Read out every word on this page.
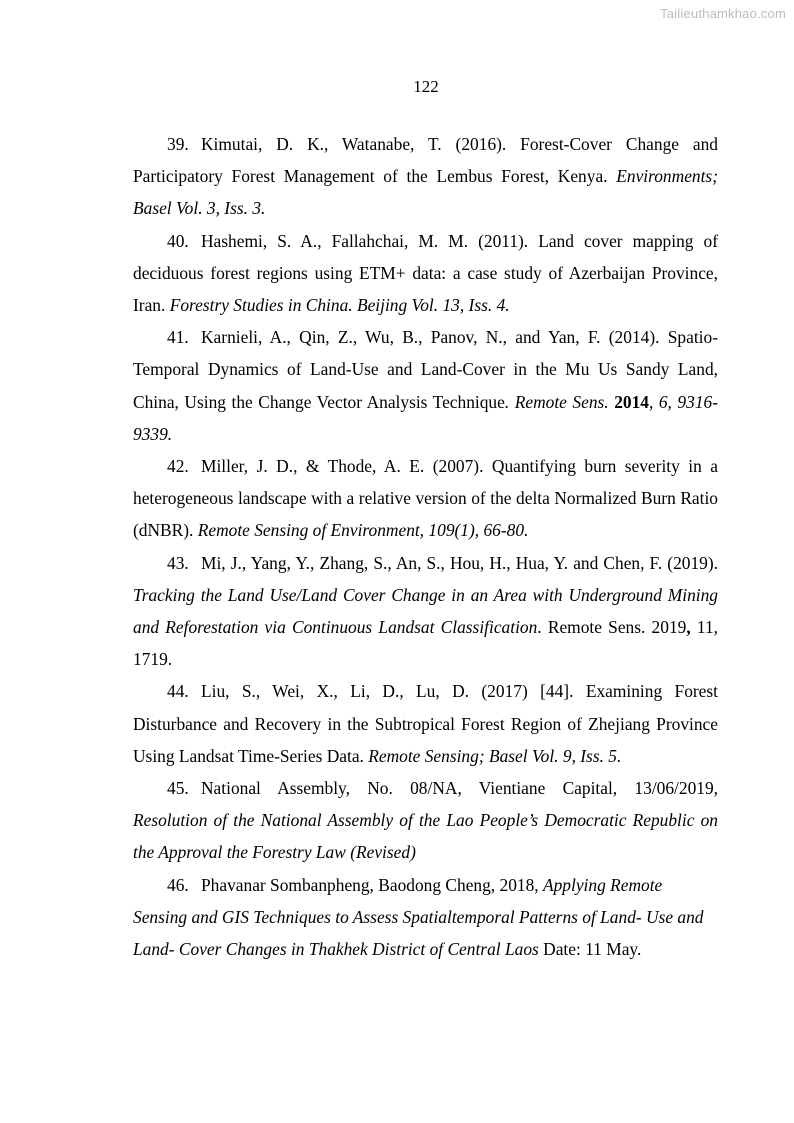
Tailieuthamkhao.com
122

39. Kimutai, D. K., Watanabe, T. (2016). Forest-Cover Change and Participatory Forest Management of the Lembus Forest, Kenya. Environments; Basel Vol. 3, Iss. 3.

40. Hashemi, S. A., Fallahchai, M. M. (2011). Land cover mapping of deciduous forest regions using ETM+ data: a case study of Azerbaijan Province, Iran. Forestry Studies in China. Beijing Vol. 13, Iss. 4.

41. Karnieli, A., Qin, Z., Wu, B., Panov, N., and Yan, F. (2014). Spatio-Temporal Dynamics of Land-Use and Land-Cover in the Mu Us Sandy Land, China, Using the Change Vector Analysis Technique. Remote Sens. 2014, 6, 9316-9339.

42. Miller, J. D., & Thode, A. E. (2007). Quantifying burn severity in a heterogeneous landscape with a relative version of the delta Normalized Burn Ratio (dNBR). Remote Sensing of Environment, 109(1), 66-80.

43. Mi, J., Yang, Y., Zhang, S., An, S., Hou, H., Hua, Y. and Chen, F. (2019). Tracking the Land Use/Land Cover Change in an Area with Underground Mining and Reforestation via Continuous Landsat Classification. Remote Sens. 2019, 11, 1719.

44. Liu, S., Wei, X., Li, D., Lu, D. (2017) [44]. Examining Forest Disturbance and Recovery in the Subtropical Forest Region of Zhejiang Province Using Landsat Time-Series Data. Remote Sensing; Basel Vol. 9, Iss. 5.

45. National Assembly, No. 08/NA, Vientiane Capital, 13/06/2019, Resolution of the National Assembly of the Lao People’s Democratic Republic on the Approval the Forestry Law (Revised)

46. Phavanar Sombanpheng, Baodong Cheng, 2018, Applying Remote Sensing and GIS Techniques to Assess Spatialtemporal Patterns of Land- Use and Land- Cover Changes in Thakhek District of Central Laos Date: 11 May.
